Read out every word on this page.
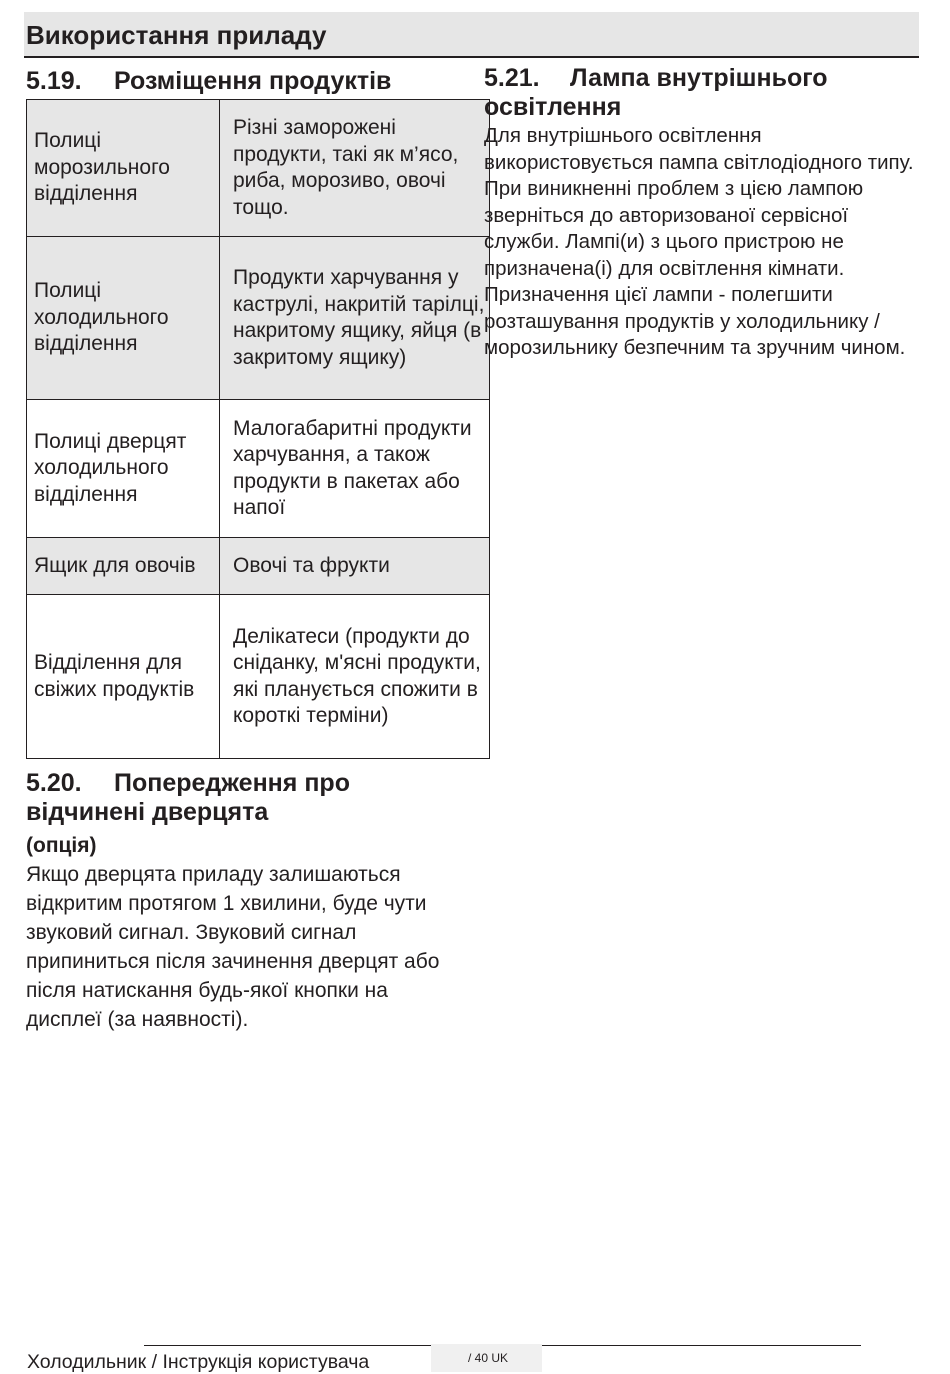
Використання приладу
5.19. Розміщення продуктів
Полиці морозильного відділення	Різні заморожені продукти, такі як м’ясо, риба, морозиво, овочі тощо.
Полиці холодильного відділення	Продукти харчування у каструлі, накритій тарілці, накритому ящику, яйця (в закритому ящику)
Полиці дверцят холодильного відділення	Малогабаритні продукти харчування, а також продукти в пакетах або напої
Ящик для овочів	Овочі та фрукти
Відділення для свіжих продуктів	Делікатеси (продукти до сніданку, м'ясні продукти, які планується спожити в короткі терміни)
5.20. Попередження про відчинені дверцята
(опція)
Якщо дверцята приладу залишаються відкритим протягом 1 хвилини, буде чути звуковий сигнал. Звуковий сигнал припиниться після зачинення дверцят або після натискання будь-якої кнопки на дисплеї (за наявності).
5.21. Лампа внутрішнього освітлення
Для внутрішнього освітлення використовується пампа світлодіодного типу. При виникненні проблем з цією лампою зверніться до авторизованої сервісної служби. Лампі(и) з цього пристрою не призначена(і) для освітлення кімнати. Призначення цієї лампи - полегшити розташування продуктів у холодильнику / морозильнику безпечним та зручним чином.
Холодильник / Інструкція користувача	/ 40 UK
